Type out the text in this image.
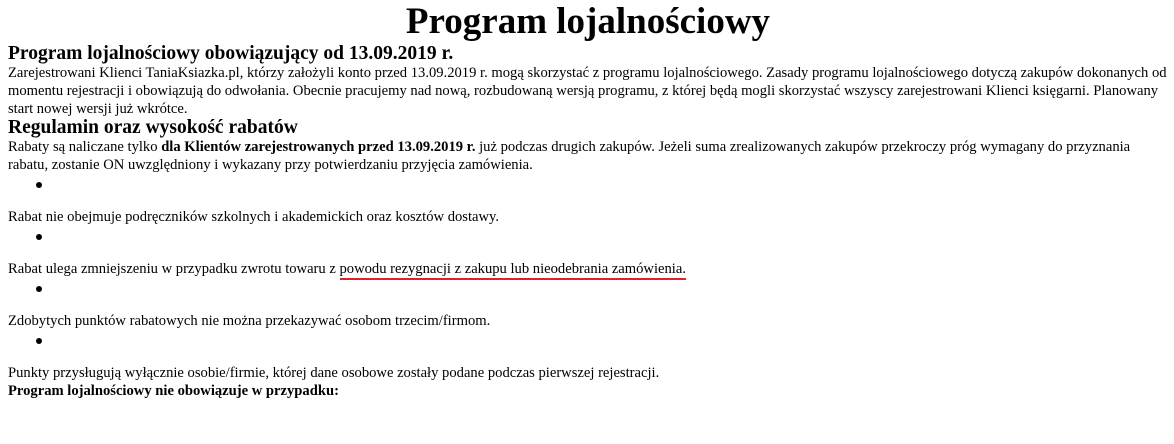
Program lojalnościowy
Program lojalnościowy obowiązujący od 13.09.2019 r.

Zarejestrowani Klienci TaniaKsiazka.pl, którzy założyli konto przed 13.09.2019 r. mogą skorzystać z programu lojalnościowego. Zasady programu lojalnościowego dotyczą zakupów dokonanych od momentu rejestracji i obowiązują do odwołania. Obecnie pracujemy nad nową, rozbudowaną wersją programu, z której będą mogli skorzystać wszyscy zarejestrowani Klienci księgarni. Planowany start nowej wersji już wkrótce.

Regulamin oraz wysokość rabatów

Rabaty są naliczane tylko dla Klientów zarejestrowanych przed 13.09.2019 r. już podczas drugich zakupów. Jeżeli suma zrealizowanych zakupów przekroczy próg wymagany do przyznania rabatu, zostanie ON uwzględniony i wykazany przy potwierdzaniu przyjęcia zamówienia.

Rabat nie obejmuje podręczników szkolnych i akademickich oraz kosztów dostawy.

Rabat ulega zmniejszeniu w przypadku zwrotu towaru z powodu rezygnacji z zakupu lub nieodebrania zamówienia.

Zdobytych punktów rabatowych nie można przekazywać osobom trzecim/firmom.

Punkty przysługują wyłącznie osobie/firmie, której dane osobowe zostały podane podczas pierwszej rejestracji.

Program lojalnościowy nie obowiązuje w przypadku:
